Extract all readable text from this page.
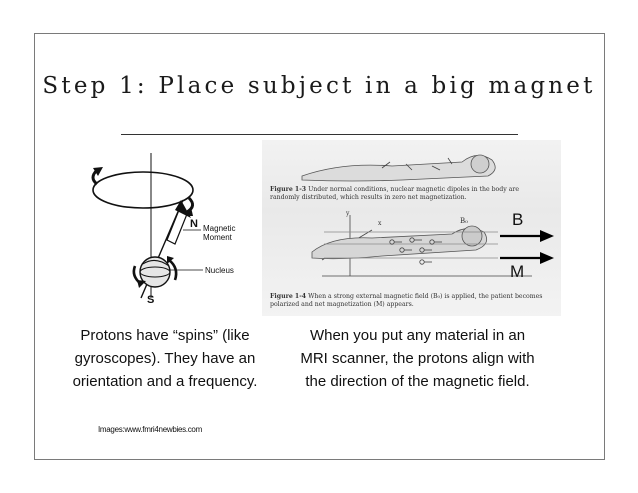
Step 1: Place subject in a big magnet
N
S
Magnetic
Moment
Nucleus
Figure 1-3 Under normal conditions, nuclear magnetic dipoles in the body are randomly distributed, which results in zero net magnetization.
y
x	B₀	B
M
Figure 1-4 When a strong external magnetic field (B₀) is applied, the patient becomes polarized and net magnetization (M) appears.
Protons have “spins” (like gyroscopes). They have an orientation and a frequency.
When you put any material in an MRI scanner, the protons align with the direction of the magnetic field.
Images:www.fmri4newbies.com
